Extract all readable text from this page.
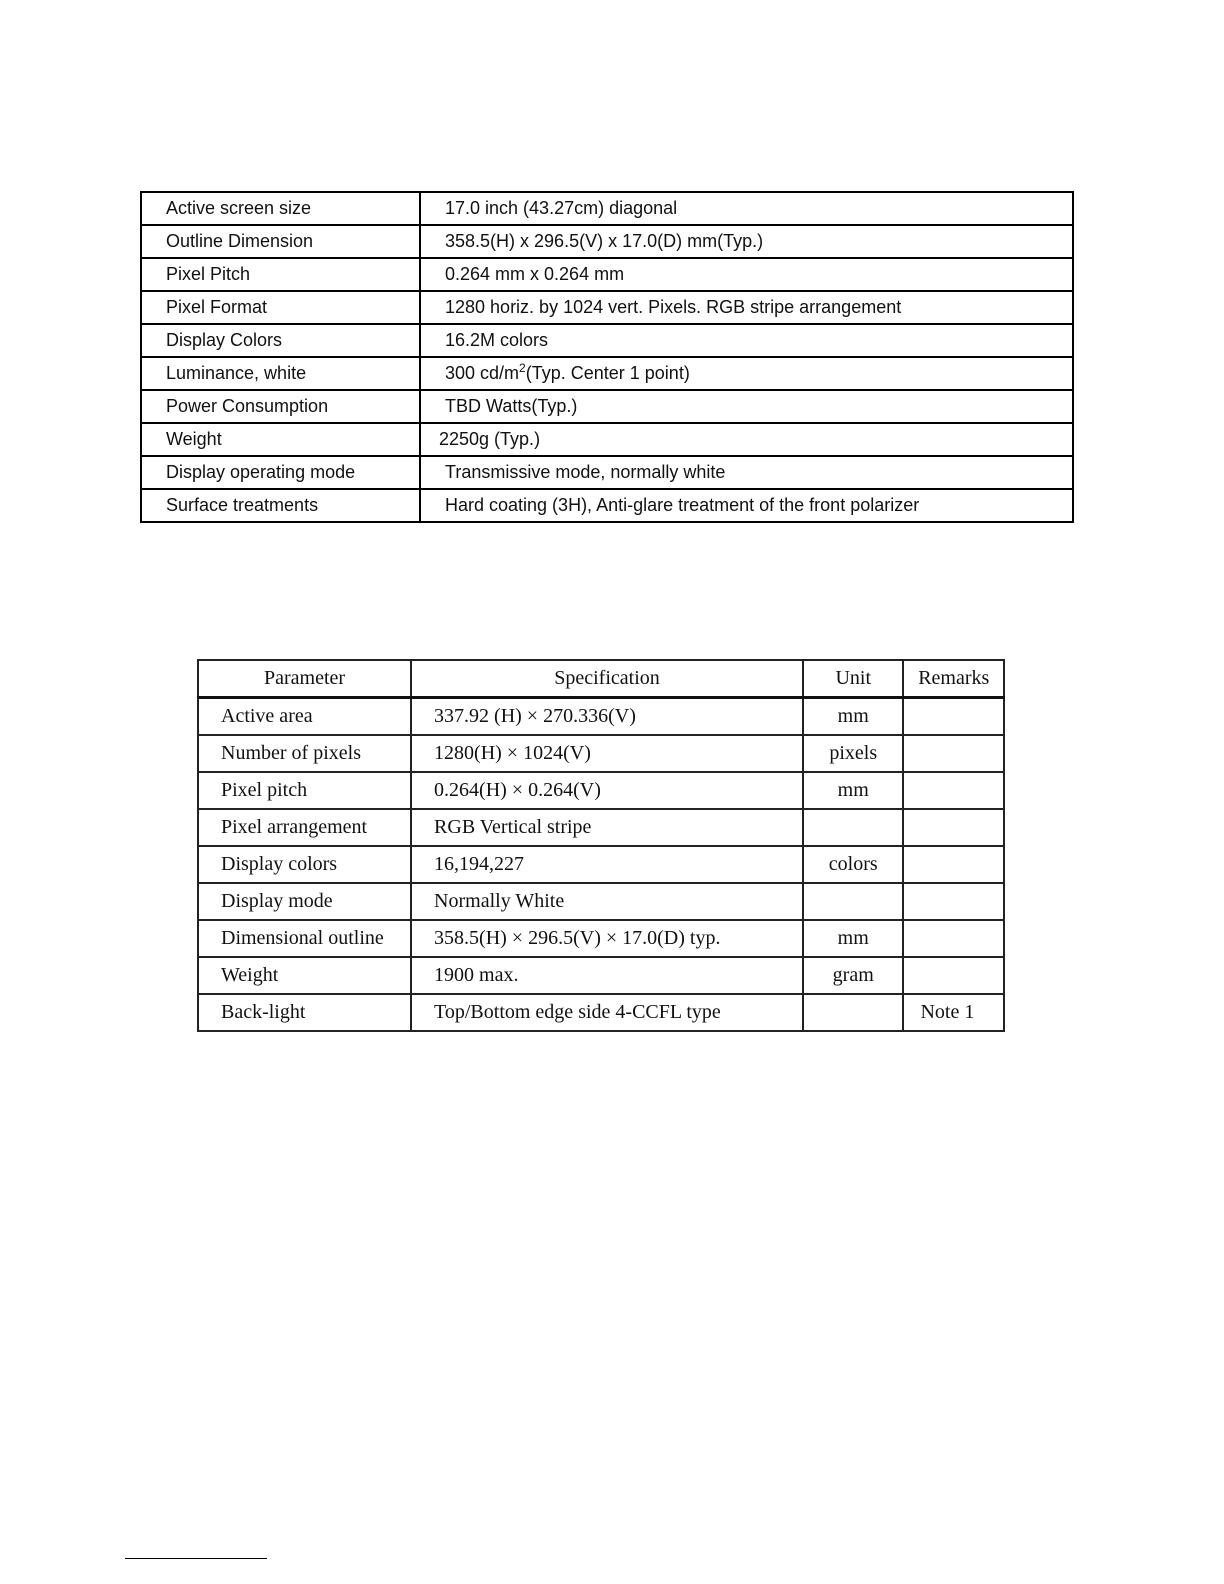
Active screen size	17.0 inch (43.27cm) diagonal
Outline Dimension	358.5(H) x 296.5(V) x 17.0(D) mm(Typ.)
Pixel Pitch	0.264 mm x 0.264 mm
Pixel Format	1280 horiz. by 1024 vert. Pixels. RGB stripe arrangement
Display Colors	16.2M colors
Luminance, white	300 $cd/m^2(Typ$. Center 1 point)
Power Consumption	TBD Watts(Typ.)
Weight	2250g (Typ.)
Display operating mode	Transmissive mode, normally white
Surface treatments	Hard coating (3H), Anti-glare treatment of the front polarizer
Parameter	Specification	Unit	Remarks
Active area	337.92 (H) × 270.336(V)	mm	
Number of pixels	1280(H) × 1024(V)	pixels	
Pixel pitch	0.264(H) × 0.264(V)	mm	
Pixel arrangement	RGB Vertical stripe		
Display colors	16,194,227	colors	
Display mode	Normally White		
Dimensional outline	358.5(H) × 296.5(V) × 17.0(D) typ.	mm	
Weight	1900 max.	gram	
Back-light	Top/Bottom edge side 4-CCFL type		Note 1
